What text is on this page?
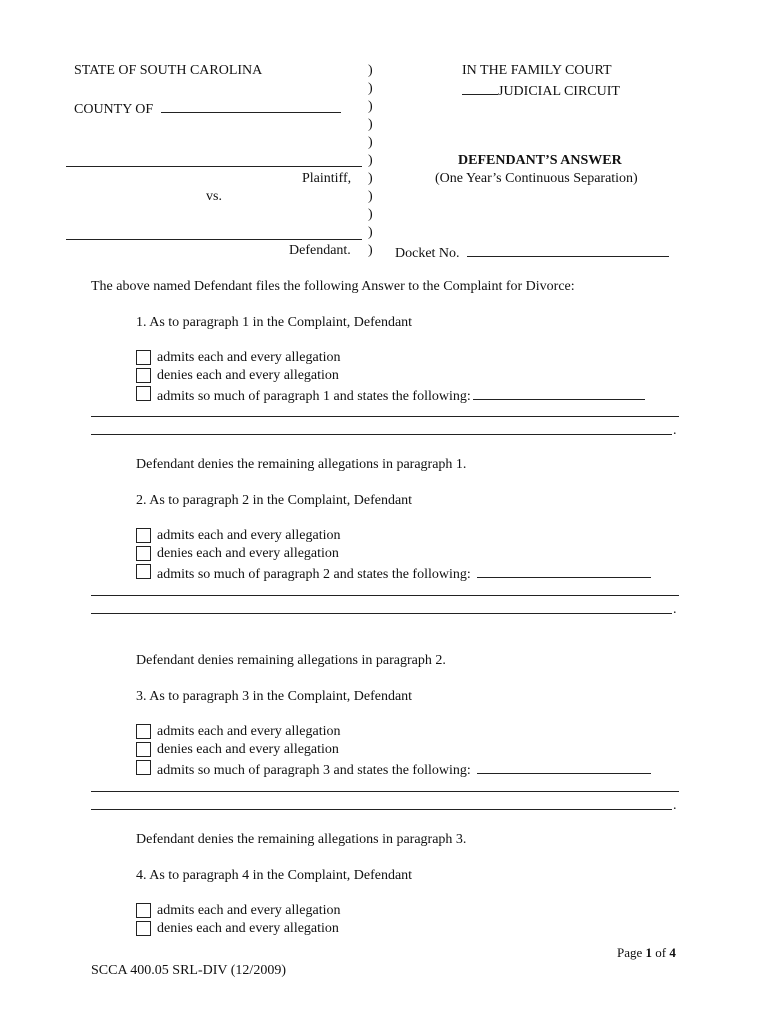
STATE OF SOUTH CAROLINA
COUNTY OF
Plaintiff,
vs.
Defendant.
)
)
)
)
)
)
)
)
)
)
)
IN THE FAMILY COURT
JUDICIAL CIRCUIT
DEFENDANT’S ANSWER
(One Year’s Continuous Separation)
Docket No.
The above named Defendant files the following Answer to the Complaint for Divorce:
1. As to paragraph 1 in the Complaint, Defendant
admits each and every allegation
denies each and every allegation
admits so much of paragraph 1 and states the following:
.
Defendant denies the remaining allegations in paragraph 1.
2. As to paragraph 2 in the Complaint, Defendant
admits each and every allegation
denies each and every allegation
admits so much of paragraph 2 and states the following:
.
Defendant denies remaining allegations in paragraph 2.
3. As to paragraph 3 in the Complaint, Defendant
admits each and every allegation
denies each and every allegation
admits so much of paragraph 3 and states the following:
.
Defendant denies the remaining allegations in paragraph 3.
4. As to paragraph 4 in the Complaint, Defendant
admits each and every allegation
denies each and every allegation
Page 1 of 4
SCCA 400.05 SRL-DIV (12/2009)
